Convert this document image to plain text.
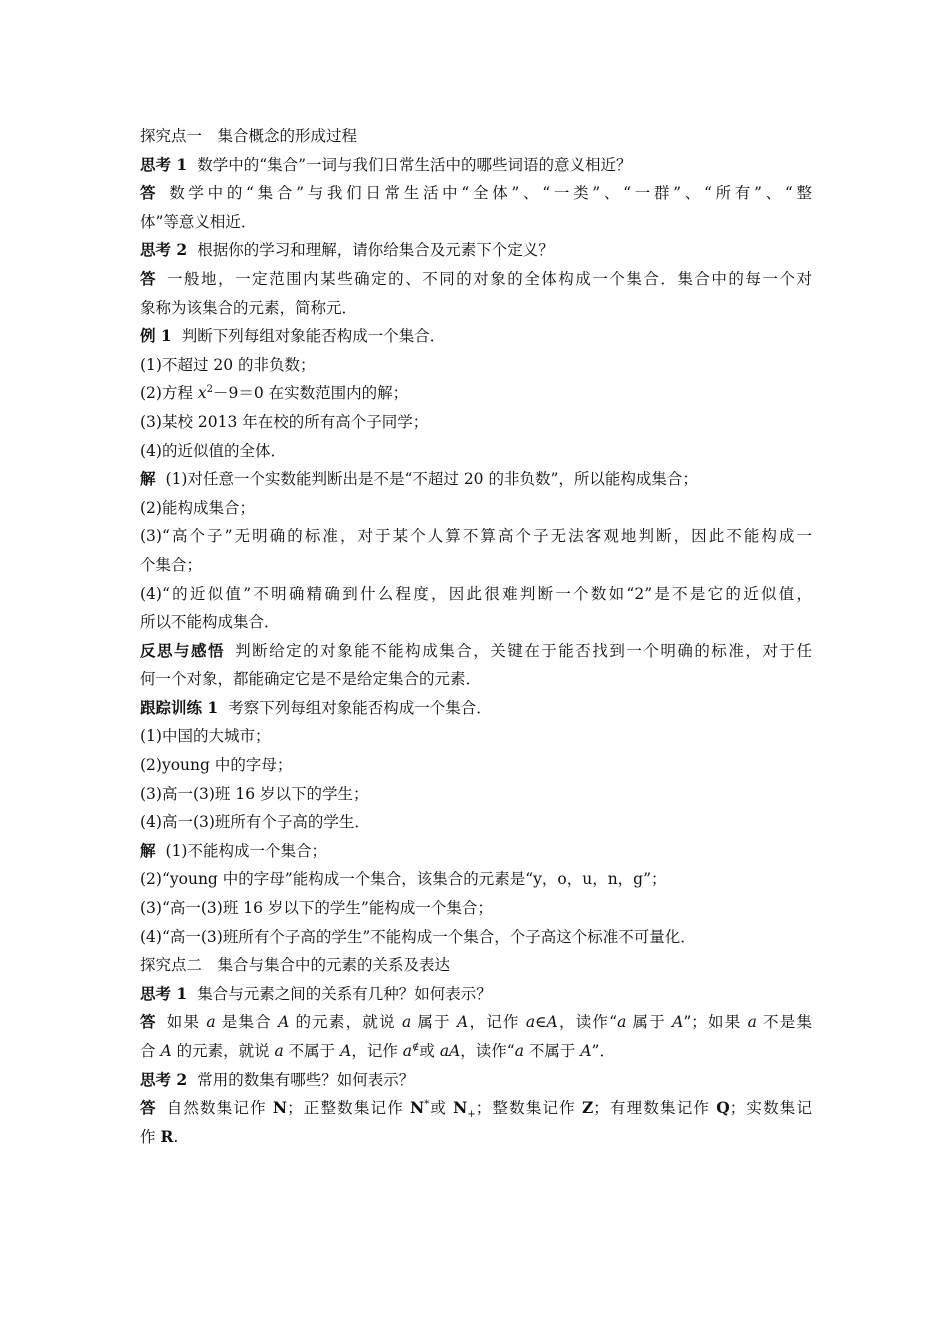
探究点一　集合概念的形成过程
思考 1 数学中的“集合”一词与我们日常生活中的哪些词语的意义相近？
答 数学中的“集合”与我们日常生活中“全体”、“一类”、“一群”、“所有”、“整
体”等意义相近．
思考 2 根据你的学习和理解，请你给集合及元素下个定义？
答 一般地，一定范围内某些确定的、不同的对象的全体构成一个集合．集合中的每一个对
象称为该集合的元素，简称元．
例 1 判断下列每组对象能否构成一个集合．
(1)不超过 20 的非负数；
(2)方程 $x^2-9=0$ 在实数范围内的解；
(3)某校 2013 年在校的所有高个子同学；
(4)的近似值的全体．
解 (1)对任意一个实数能判断出是不是“不超过 20 的非负数”，所以能构成集合；
(2)能构成集合；
(3)“高个子”无明确的标准，对于某个人算不算高个子无法客观地判断，因此不能构成一
个集合；
(4)“的近似值”不明确精确到什么程度，因此很难判断一个数如“2”是不是它的近似值，
所以不能构成集合．
反思与感悟 判断给定的对象能不能构成集合，关键在于能否找到一个明确的标准，对于任
何一个对象，都能确定它是不是给定集合的元素．
跟踪训练 1 考察下列每组对象能否构成一个集合．
(1)中国的大城市；
(2)young 中的字母；
(3)高一(3)班 16 岁以下的学生；
(4)高一(3)班所有个子高的学生．
解 (1)不能构成一个集合；
(2)“young 中的字母”能构成一个集合，该集合的元素是“y，o，u，n，g”；
(3)“高一(3)班 16 岁以下的学生”能构成一个集合；
(4)“高一(3)班所有个子高的学生”不能构成一个集合，个子高这个标准不可量化．
探究点二　集合与集合中的元素的关系及表达
思考 1 集合与元素之间的关系有几种？如何表示？
答 如果 a 是集合 A 的元素，就说 a 属于 A，记作 a∈A，读作“a 属于 A”；如果 a 不是集
合 A 的元素，就说 a 不属于 A，记作 a∉或 aA，读作“a 不属于 A”．
思考 2 常用的数集有哪些？如何表示？
答 自然数集记作 N；正整数集记作 N*或 $N_+$；整数集记作 Z；有理数集记作 Q；实数集记
作 R.
